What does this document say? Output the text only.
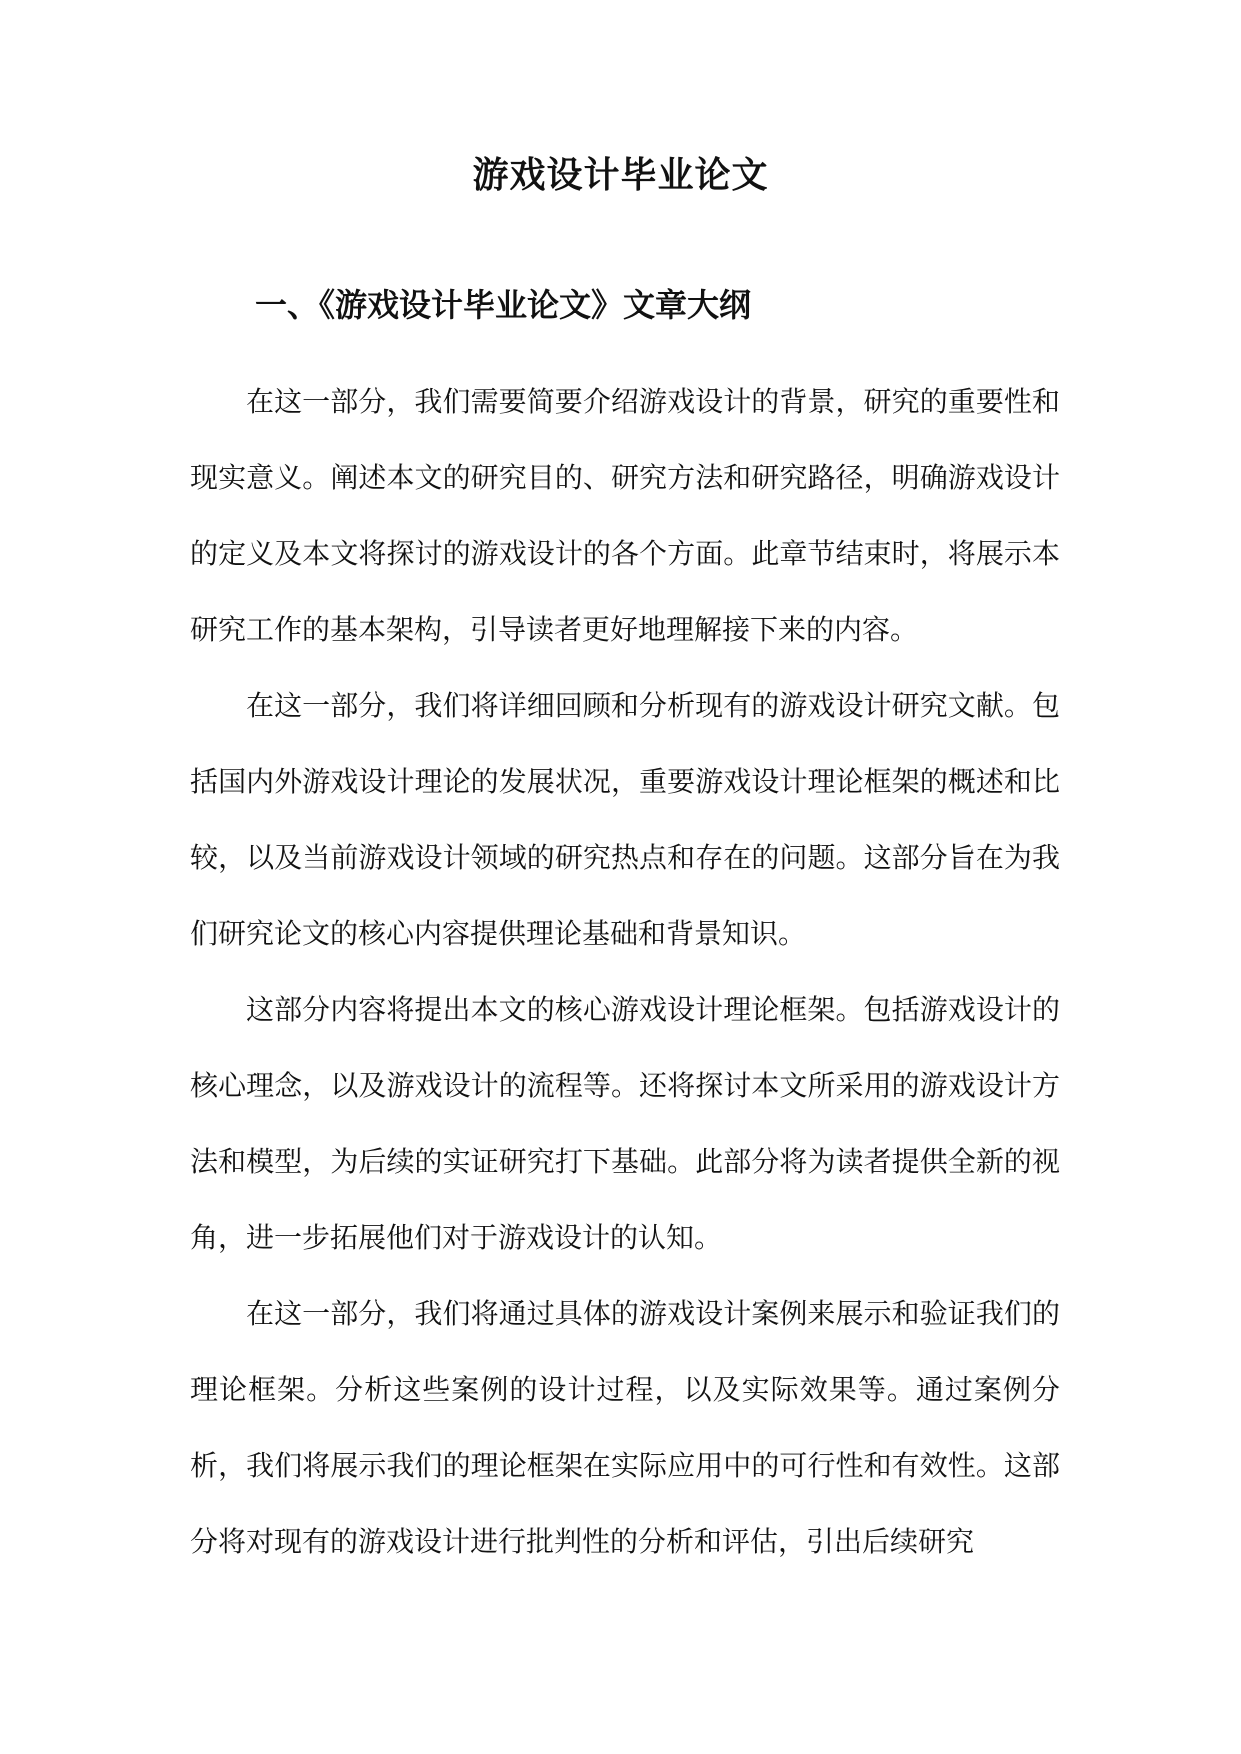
游戏设计毕业论文
一、《游戏设计毕业论文》文章大纲

在这一部分，我们需要简要介绍游戏设计的背景，研究的重要性和现实意义。阐述本文的研究目的、研究方法和研究路径，明确游戏设计的定义及本文将探讨的游戏设计的各个方面。此章节结束时，将展示本研究工作的基本架构，引导读者更好地理解接下来的内容。

在这一部分，我们将详细回顾和分析现有的游戏设计研究文献。包括国内外游戏设计理论的发展状况，重要游戏设计理论框架的概述和比较，以及当前游戏设计领域的研究热点和存在的问题。这部分旨在为我们研究论文的核心内容提供理论基础和背景知识。

这部分内容将提出本文的核心游戏设计理论框架。包括游戏设计的核心理念，以及游戏设计的流程等。还将探讨本文所采用的游戏设计方法和模型，为后续的实证研究打下基础。此部分将为读者提供全新的视角，进一步拓展他们对于游戏设计的认知。

在这一部分，我们将通过具体的游戏设计案例来展示和验证我们的理论框架。分析这些案例的设计过程，以及实际效果等。通过案例分析，我们将展示我们的理论框架在实际应用中的可行性和有效性。这部分将对现有的游戏设计进行批判性的分析和评估，引出后续研究
